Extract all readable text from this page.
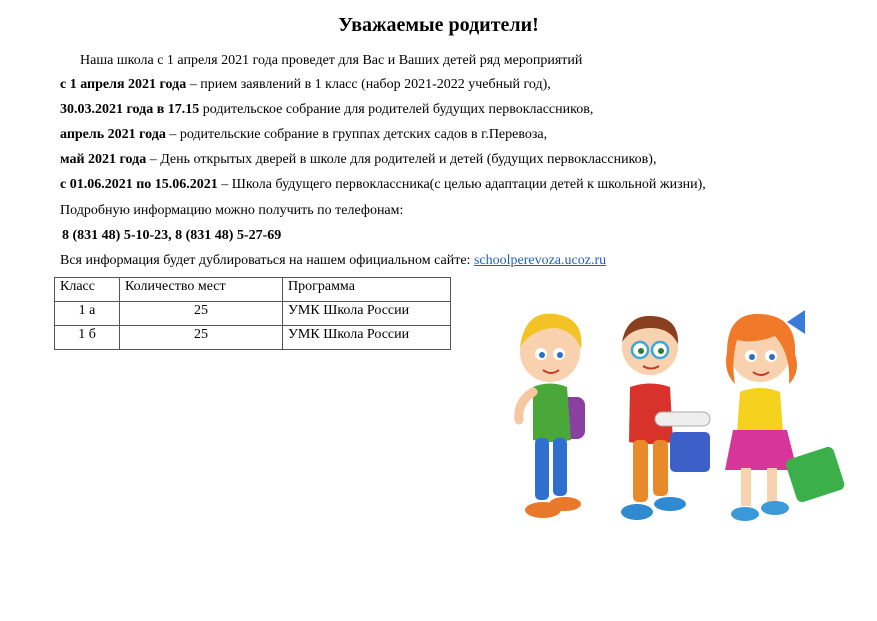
Уважаемые родители!
Наша школа с 1 апреля 2021 года проведет для Вас и Ваших детей ряд мероприятий
с 1 апреля 2021 года – прием заявлений в 1 класс (набор 2021-2022 учебный год),
30.03.2021 года в 17.15 родительское собрание для родителей будущих первоклассников,
апрель 2021 года – родительские собрание в группах детских садов в г.Перевоза,
май 2021 года – День открытых дверей в школе для родителей и детей (будущих первоклассников),
с 01.06.2021 по 15.06.2021 – Школа будущего первоклассника(с целью адаптации детей к школьной жизни),
Подробную информацию можно получить по телефонам:
8 (831 48) 5-10-23, 8 (831 48) 5-27-69
Вся информация будет дублироваться на нашем официальном сайте: schoolperevoza.ucoz.ru
Класс	Количество мест	Программа
1 а	25	УМК Школа России
1 б	25	УМК Школа России
